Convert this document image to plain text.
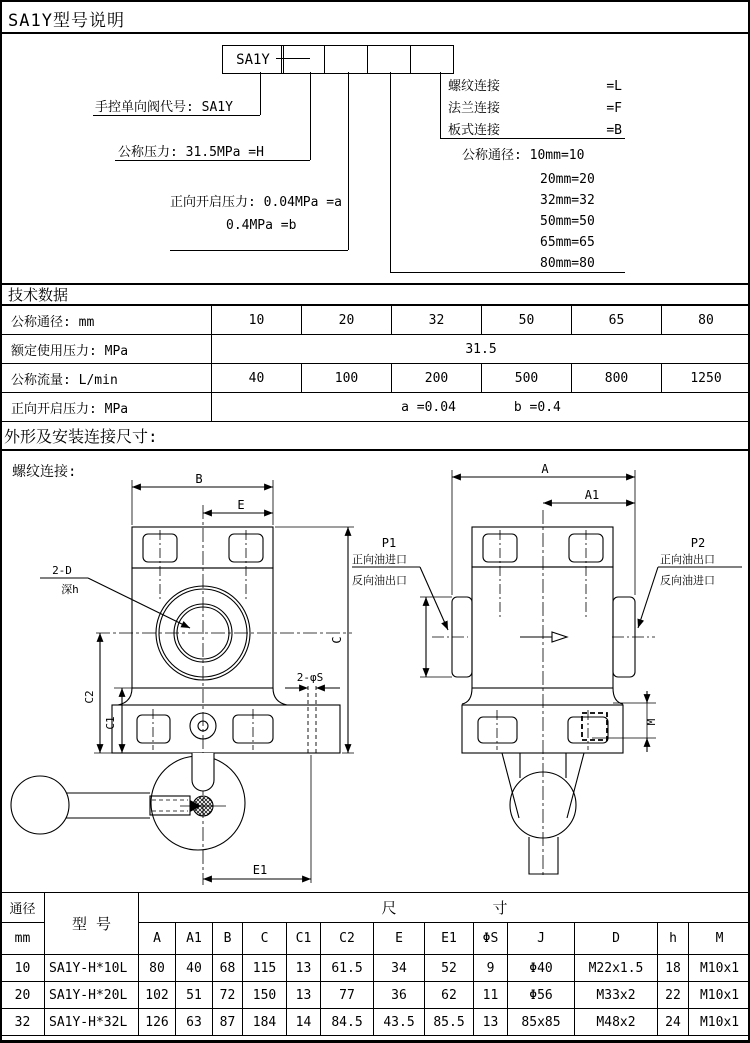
SA1Y型号说明
SA1Y
手控单向阀代号: SA1Y
公称压力: 31.5MPa =H
正向开启压力: 0.04MPa =a
0.4MPa =b
螺纹连接	=L
法兰连接	=F
板式连接	=B
公称通径: 10mm=10
20mm=20
32mm=32
50mm=50
65mm=65
80mm=80
技术数据
公称通径: mm	10	20	32	50	65	80
额定使用压力: MPa	31.5					
公称流量: L/min	40	100	200	500	800	1250
正向开启压力: MPa	a =0.04 b =0.4					
外形及安装连接尺寸:
螺纹连接:	B
E
2-D
深h
2-φS
C
C2
C1
E1
A
A1
P1
正向油进口
反向油出口
P2
正向油出口
反向油进口
M
通径	型 号	尺寸												
mm		A	A1	B	C	C1	C2	E	E1	ΦS	J	D	h	M
10	SA1Y-H*10L	80	40	68	115	13	61.5	34	52	9	Φ40	M22x1.5	18	M10x1
20	SA1Y-H*20L	102	51	72	150	13	77	36	62	11	Φ56	M33x2	22	M10x1
32	SA1Y-H*32L	126	63	87	184	14	84.5	43.5	85.5	13	85x85	M48x2	24	M10x1
